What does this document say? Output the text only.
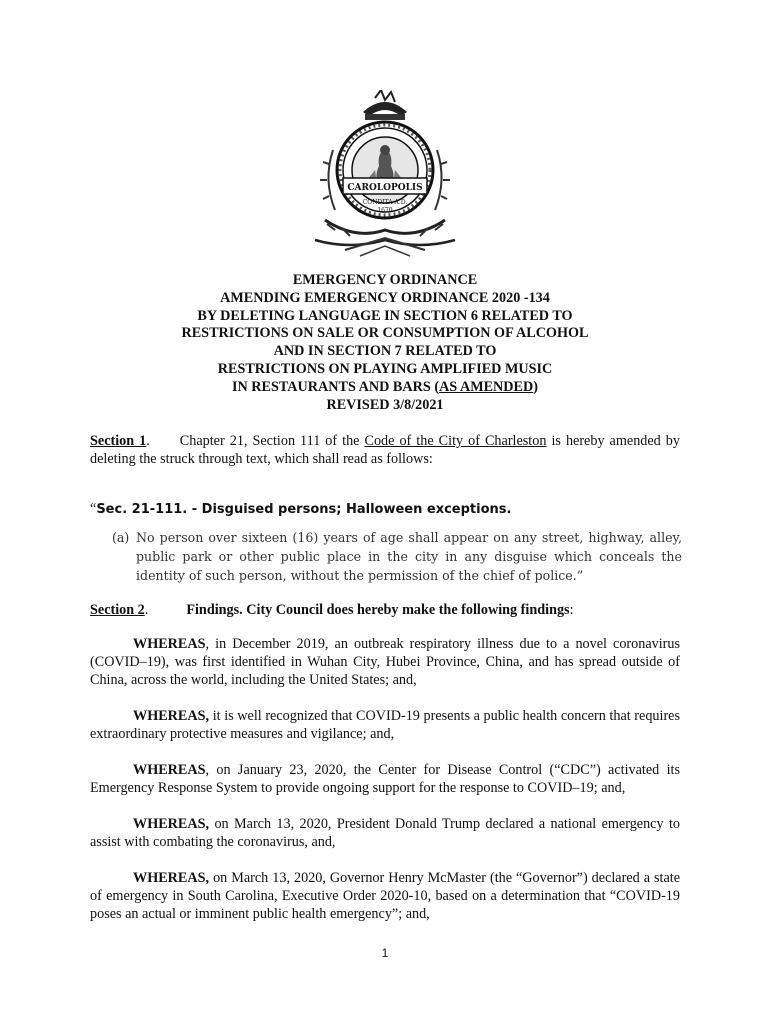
CAROLOPOLIS
CONDITA A.D.
1670
EMERGENCY ORDINANCE
AMENDING EMERGENCY ORDINANCE 2020 -134
BY DELETING LANGUAGE IN SECTION 6 RELATED TO
RESTRICTIONS ON SALE OR CONSUMPTION OF ALCOHOL
AND IN SECTION 7 RELATED TO
RESTRICTIONS ON PLAYING AMPLIFIED MUSIC
IN RESTAURANTS AND BARS (AS AMENDED)
REVISED 3/8/2021
Section 1. Chapter 21, Section 111 of the Code of the City of Charleston is hereby amended by deleting the struck through text, which shall read as follows:
“Sec. 21-111. - Disguised persons; Halloween exceptions.
(a) No person over sixteen (16) years of age shall appear on any street, highway, alley, public park or other public place in the city in any disguise which conceals the identity of such person, without the permission of the chief of police.”
Section 2.	Findings. City Council does hereby make the following findings:
WHEREAS, in December 2019, an outbreak respiratory illness due to a novel coronavirus (COVID–19), was first identified in Wuhan City, Hubei Province, China, and has spread outside of China, across the world, including the United States; and,
WHEREAS, it is well recognized that COVID-19 presents a public health concern that requires extraordinary protective measures and vigilance; and,
WHEREAS, on January 23, 2020, the Center for Disease Control (“CDC”) activated its Emergency Response System to provide ongoing support for the response to COVID–19; and,
WHEREAS, on March 13, 2020, President Donald Trump declared a national emergency to assist with combating the coronavirus, and,
WHEREAS, on March 13, 2020, Governor Henry McMaster (the “Governor”) declared a state of emergency in South Carolina, Executive Order 2020-10, based on a determination that “COVID-19 poses an actual or imminent public health emergency”; and,
1
